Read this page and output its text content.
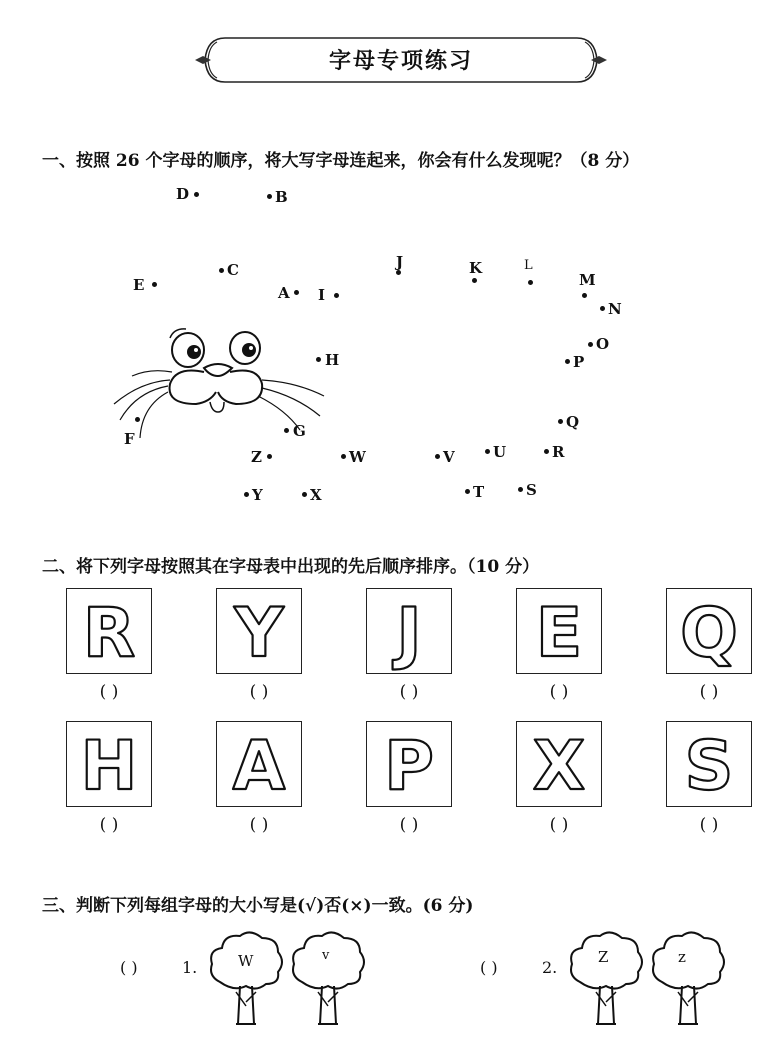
字母专项练习
一、按照 26 个字母的顺序，将大写字母连起来，你会有什么发现呢？（8 分）
A
B
C
D
E
F	G
H
I
J	K	L
M
N
O
P
Q
R
S
T
U
V
W
X
Y
Z
二、将下列字母按照其在字母表中出现的先后顺序排序。（10 分）
R
( )
Y
( )
J
( )
E
( )
Q
( )
H
( )
A
( )
P
( )
X
( )
S
( )
三、判断下列每组字母的大小写是(√)否(×)一致。(6 分)
( )	1.	W	v
( )	2.
Z	z
